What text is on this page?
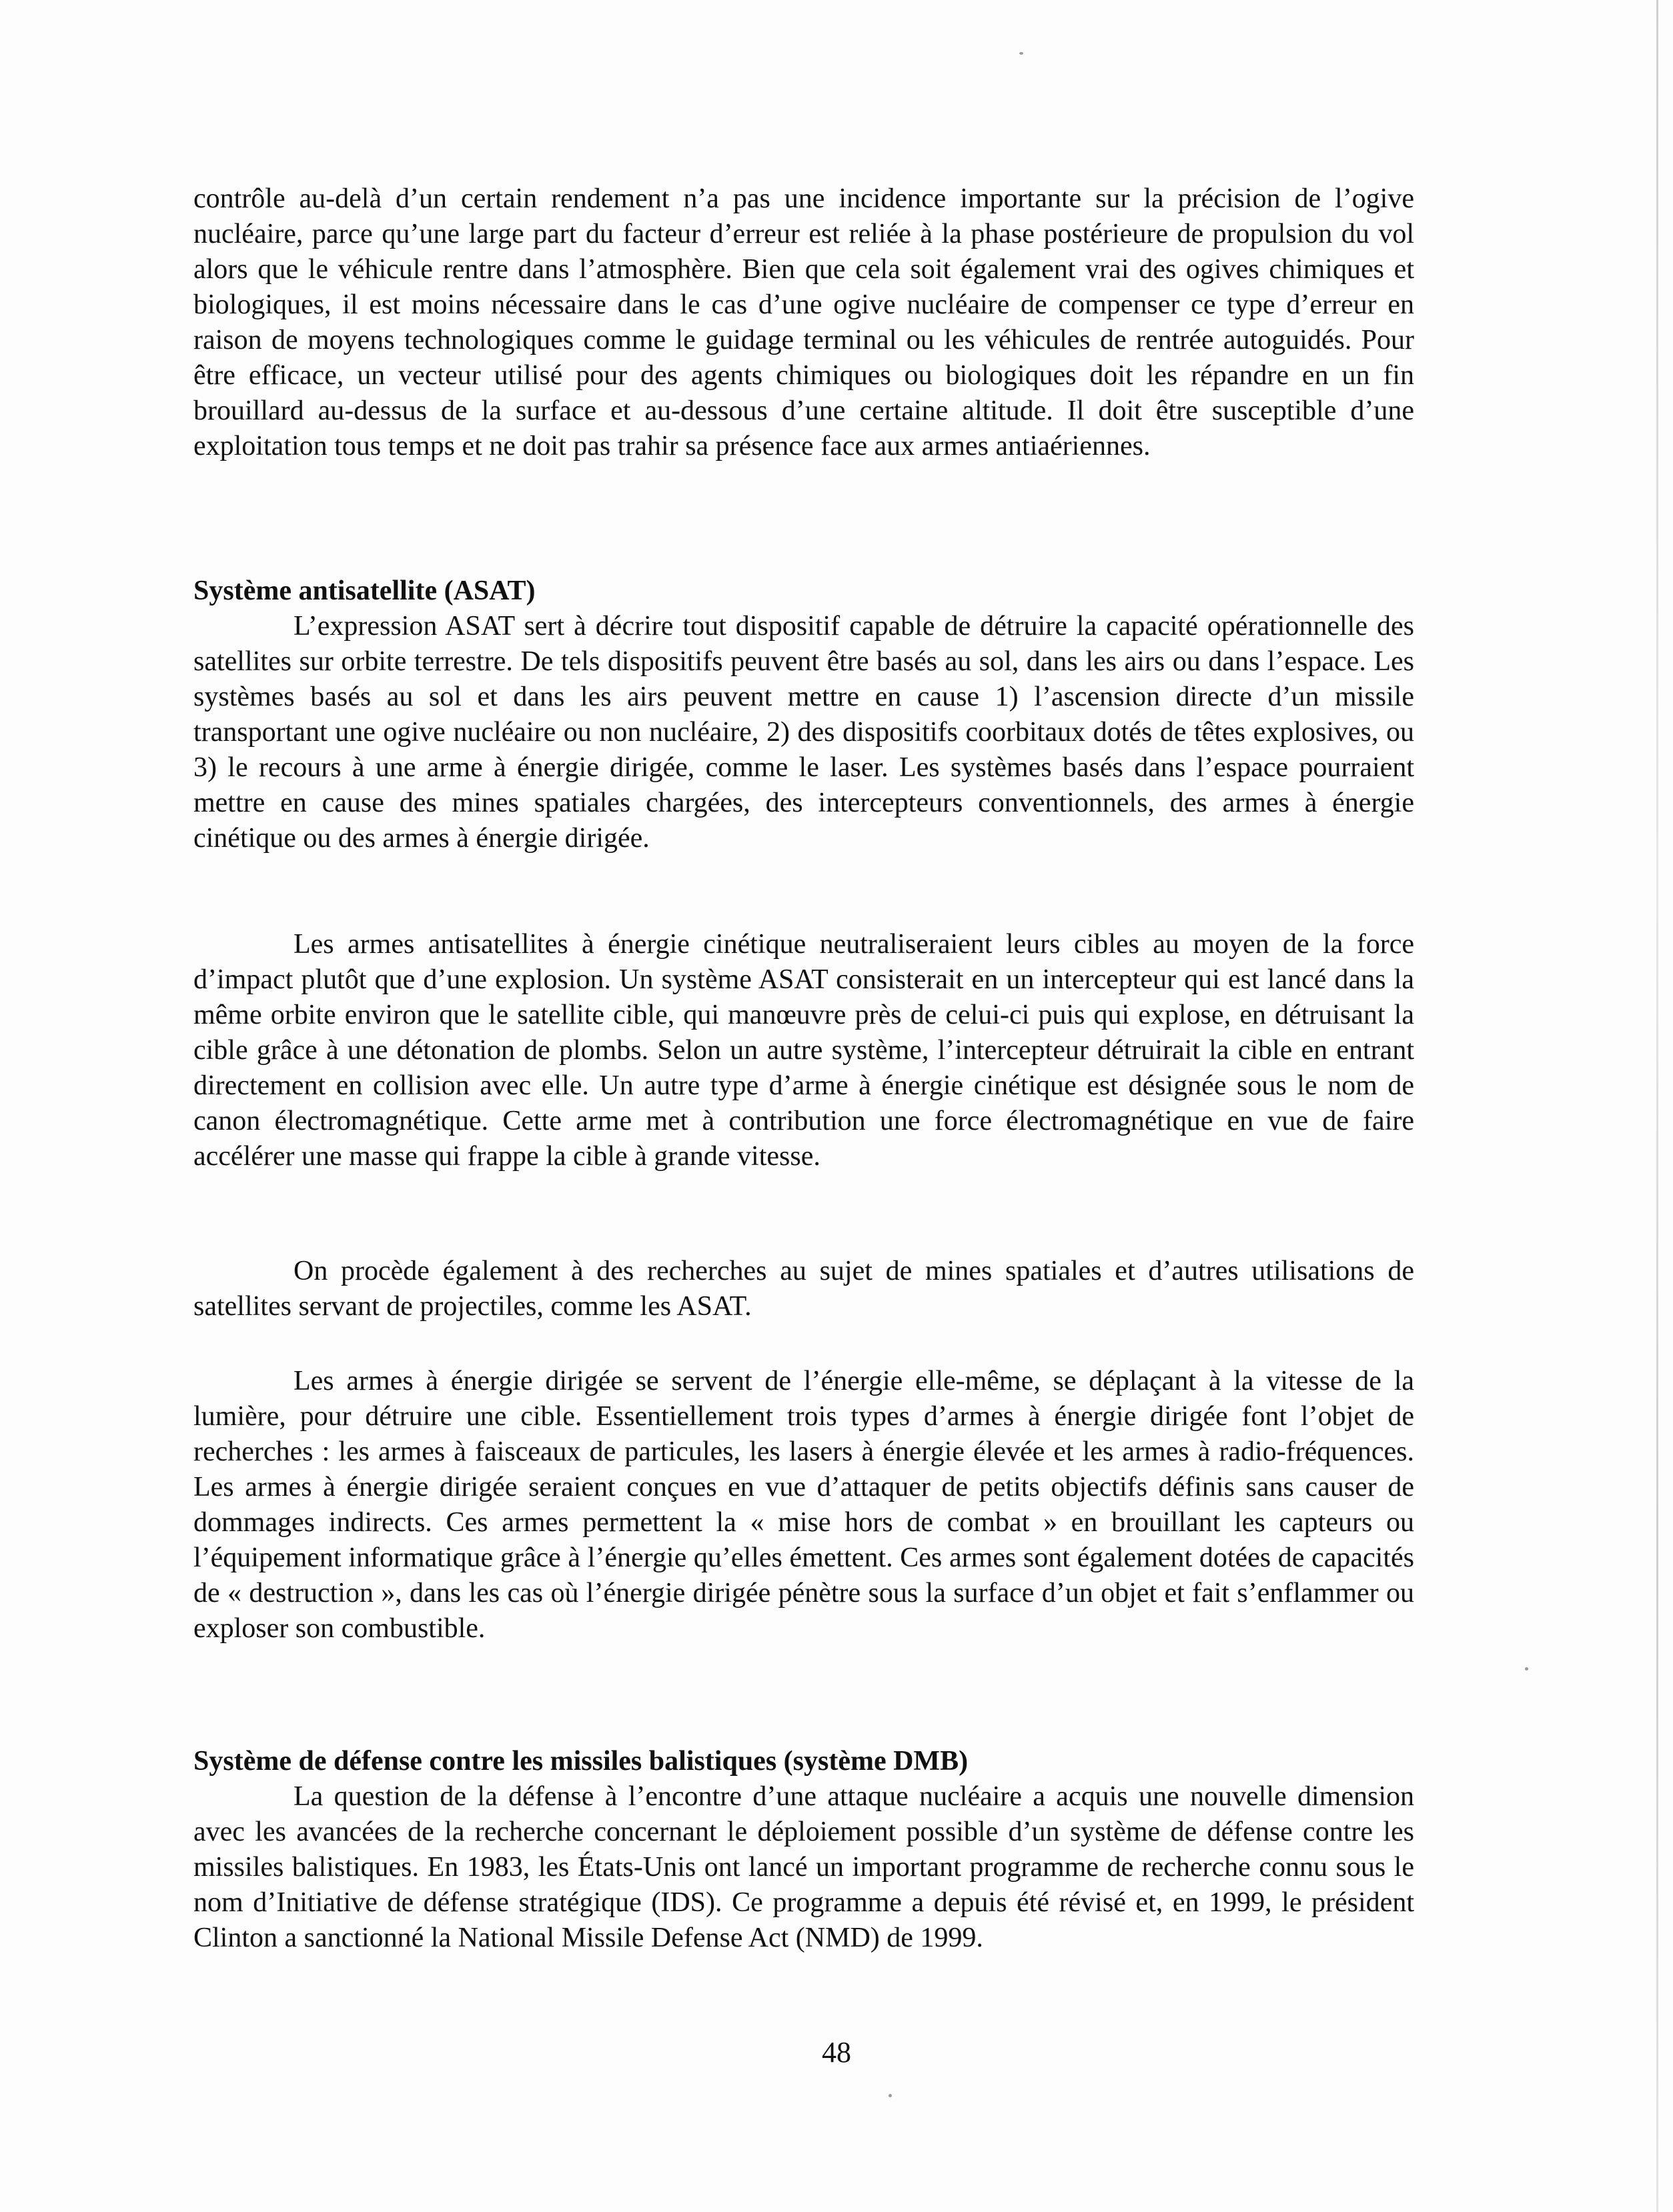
contrôle au-delà d’un certain rendement n’a pas une incidence importante sur la précision de l’ogive nucléaire, parce qu’une large part du facteur d’erreur est reliée à la phase postérieure de propulsion du vol alors que le véhicule rentre dans l’atmosphère. Bien que cela soit également vrai des ogives chimiques et biologiques, il est moins nécessaire dans le cas d’une ogive nucléaire de compenser ce type d’erreur en raison de moyens technologiques comme le guidage terminal ou les véhicules de rentrée autoguidés. Pour être efficace, un vecteur utilisé pour des agents chimiques ou biologiques doit les répandre en un fin brouillard au-dessus de la surface et au-dessous d’une certaine altitude. Il doit être susceptible d’une exploitation tous temps et ne doit pas trahir sa présence face aux armes antiaériennes.

Système antisatellite (ASAT)

L’expression ASAT sert à décrire tout dispositif capable de détruire la capacité opérationnelle des satellites sur orbite terrestre. De tels dispositifs peuvent être basés au sol, dans les airs ou dans l’espace. Les systèmes basés au sol et dans les airs peuvent mettre en cause 1) l’ascension directe d’un missile transportant une ogive nucléaire ou non nucléaire, 2) des dispositifs coorbitaux dotés de têtes explosives, ou 3) le recours à une arme à énergie dirigée, comme le laser. Les systèmes basés dans l’espace pourraient mettre en cause des mines spatiales chargées, des intercepteurs conventionnels, des armes à énergie cinétique ou des armes à énergie dirigée.

Les armes antisatellites à énergie cinétique neutraliseraient leurs cibles au moyen de la force d’impact plutôt que d’une explosion. Un système ASAT consisterait en un intercepteur qui est lancé dans la même orbite environ que le satellite cible, qui manœuvre près de celui-ci puis qui explose, en détruisant la cible grâce à une détonation de plombs. Selon un autre système, l’intercepteur détruirait la cible en entrant directement en collision avec elle. Un autre type d’arme à énergie cinétique est désignée sous le nom de canon électromagnétique. Cette arme met à contribution une force électromagnétique en vue de faire accélérer une masse qui frappe la cible à grande vitesse.

On procède également à des recherches au sujet de mines spatiales et d’autres utilisations de satellites servant de projectiles, comme les ASAT.

Les armes à énergie dirigée se servent de l’énergie elle-même, se déplaçant à la vitesse de la lumière, pour détruire une cible. Essentiellement trois types d’armes à énergie dirigée font l’objet de recherches : les armes à faisceaux de particules, les lasers à énergie élevée et les armes à radio-fréquences. Les armes à énergie dirigée seraient conçues en vue d’attaquer de petits objectifs définis sans causer de dommages indirects. Ces armes permettent la « mise hors de combat » en brouillant les capteurs ou l’équipement informatique grâce à l’énergie qu’elles émettent. Ces armes sont également dotées de capacités de « destruction », dans les cas où l’énergie dirigée pénètre sous la surface d’un objet et fait s’enflammer ou exploser son combustible.

Système de défense contre les missiles balistiques (système DMB)

La question de la défense à l’encontre d’une attaque nucléaire a acquis une nouvelle dimension avec les avancées de la recherche concernant le déploiement possible d’un système de défense contre les missiles balistiques. En 1983, les États-Unis ont lancé un important programme de recherche connu sous le nom d’Initiative de défense stratégique (IDS). Ce programme a depuis été révisé et, en 1999, le président Clinton a sanctionné la National Missile Defense Act (NMD) de 1999.

48
